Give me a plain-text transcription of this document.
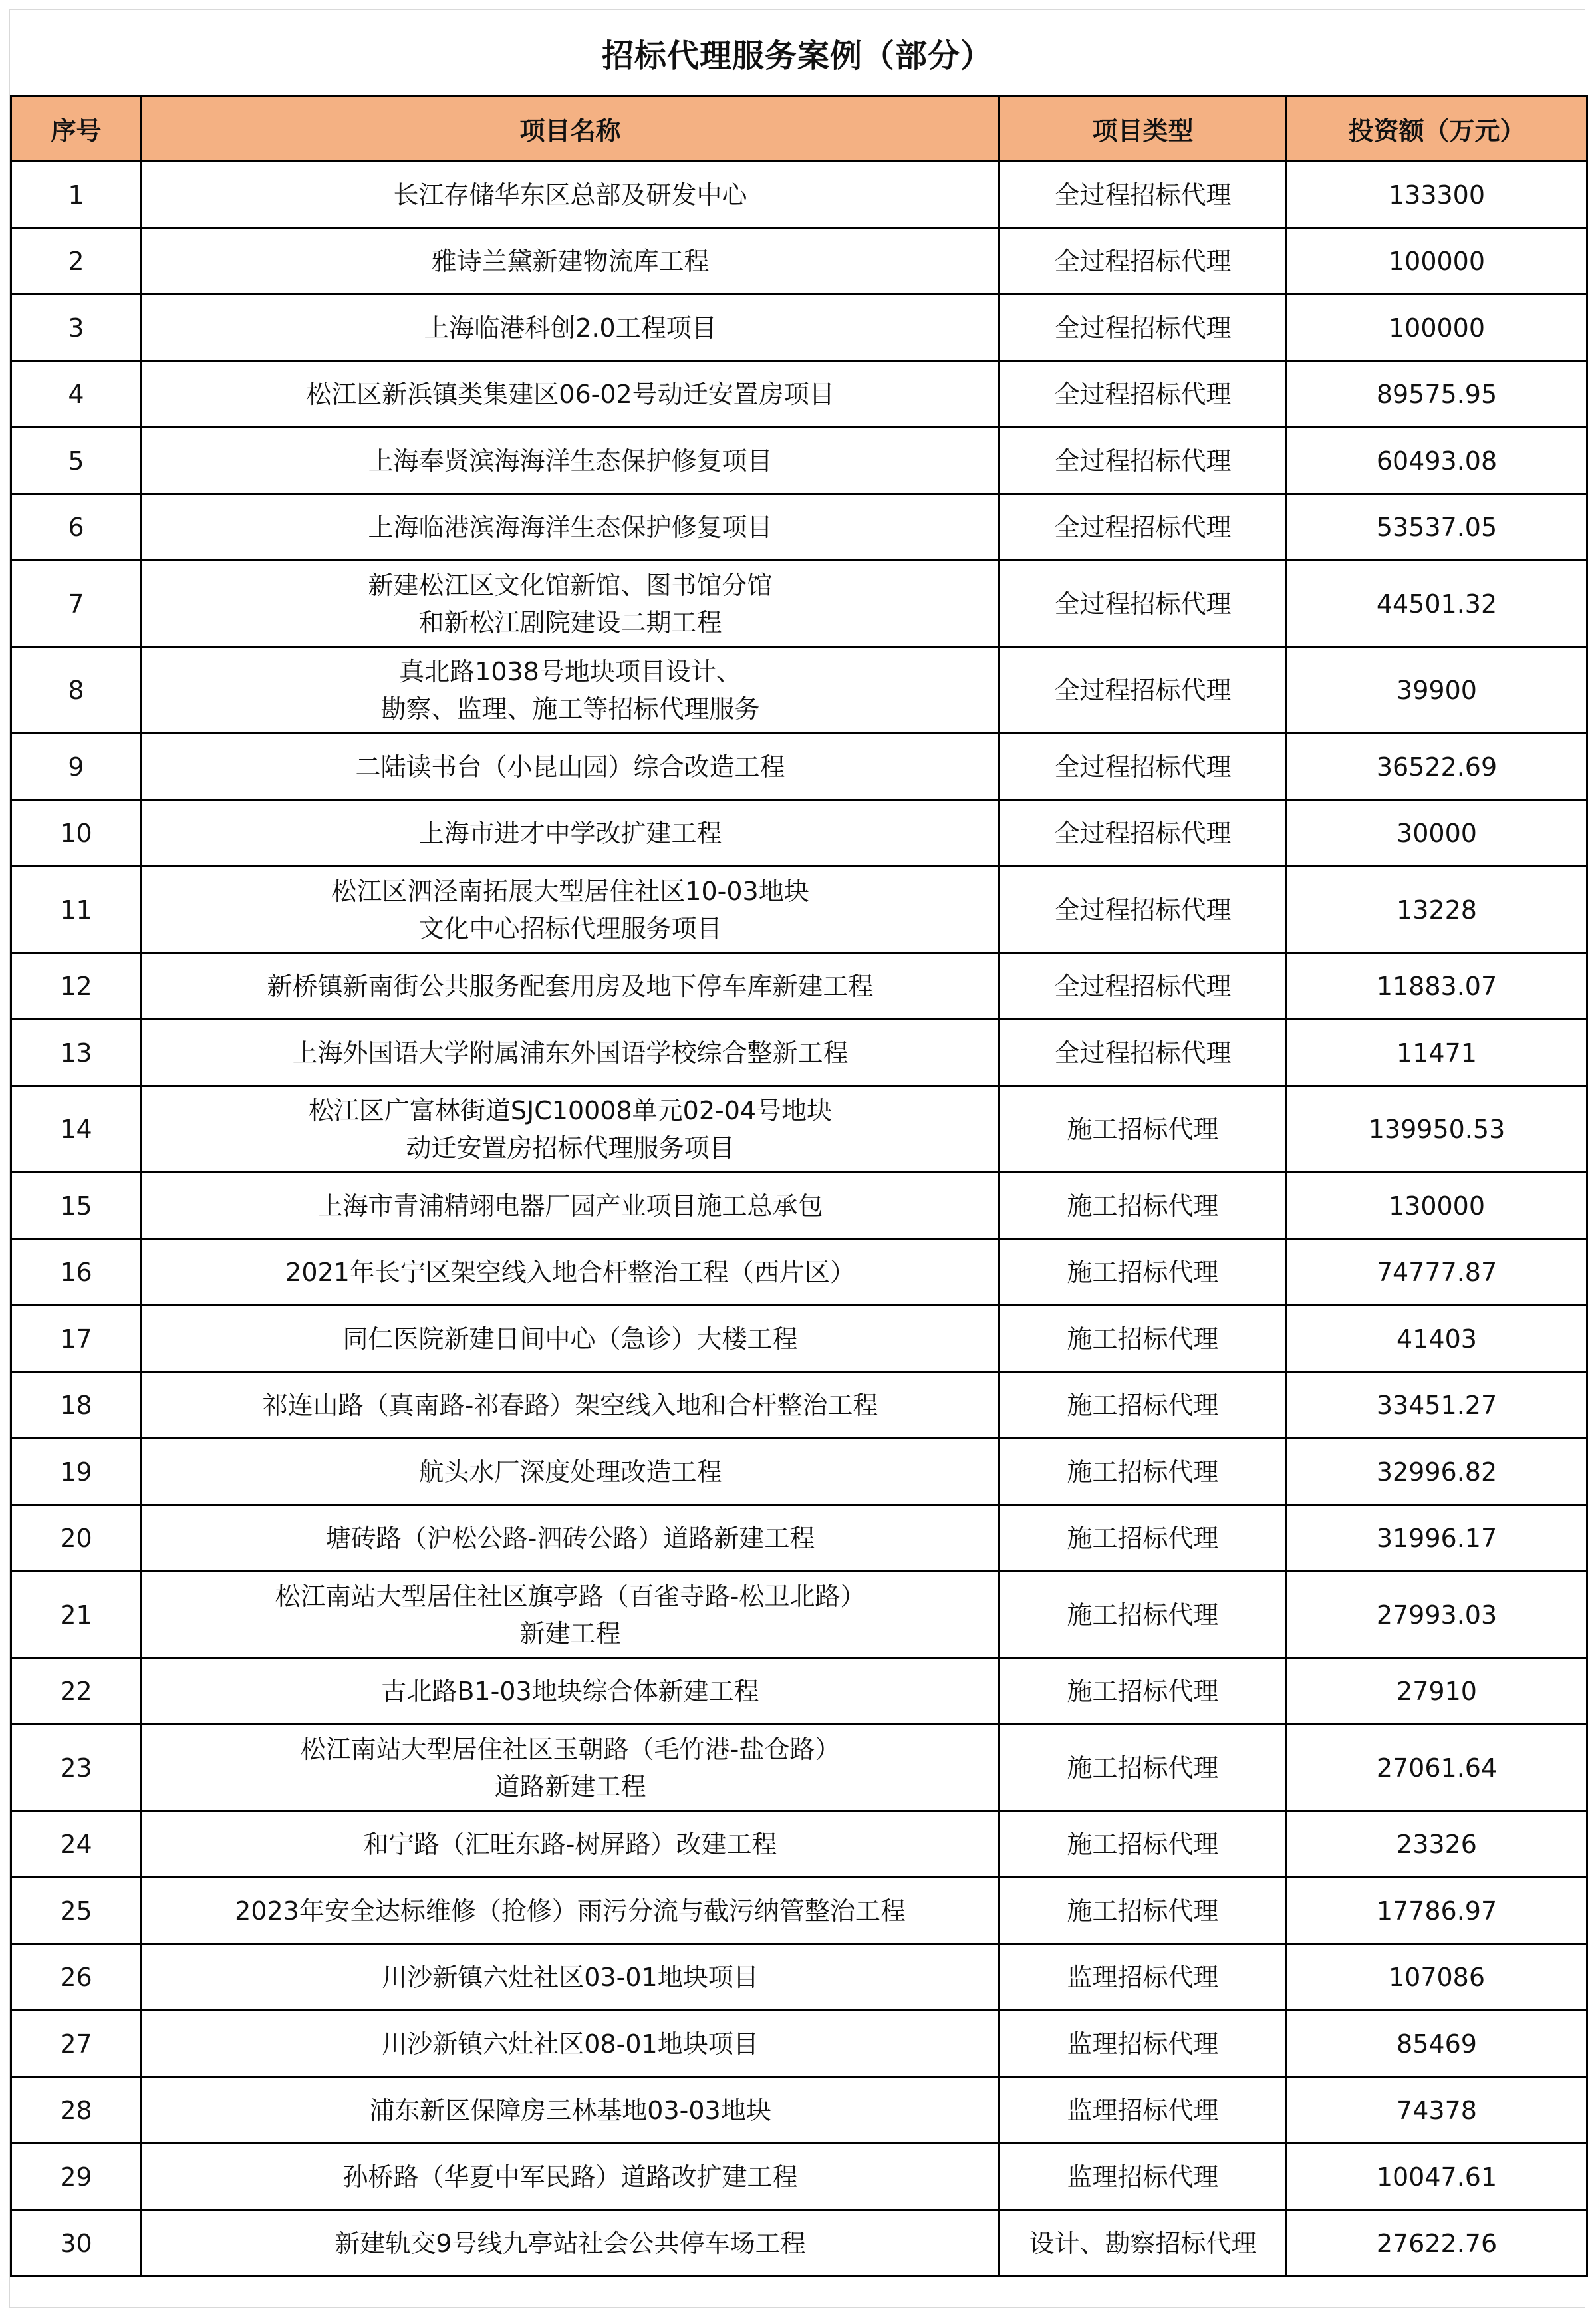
招标代理服务案例（部分）
序号	项目名称	项目类型	投资额（万元）
1	长江存储华东区总部及研发中心	全过程招标代理	133300
2	雅诗兰黛新建物流库工程	全过程招标代理	100000
3	上海临港科创2.0工程项目	全过程招标代理	100000
4	松江区新浜镇类集建区06-02号动迁安置房项目	全过程招标代理	89575.95
5	上海奉贤滨海海洋生态保护修复项目	全过程招标代理	60493.08
6	上海临港滨海海洋生态保护修复项目	全过程招标代理	53537.05
7	新建松江区文化馆新馆、图书馆分馆
和新松江剧院建设二期工程	全过程招标代理	44501.32
8	真北路1038号地块项目设计、
勘察、监理、施工等招标代理服务	全过程招标代理	39900
9	二陆读书台（小昆山园）综合改造工程	全过程招标代理	36522.69
10	上海市进才中学改扩建工程	全过程招标代理	30000
11	松江区泗泾南拓展大型居住社区10-03地块
文化中心招标代理服务项目	全过程招标代理	13228
12	新桥镇新南街公共服务配套用房及地下停车库新建工程	全过程招标代理	11883.07
13	上海外国语大学附属浦东外国语学校综合整新工程	全过程招标代理	11471
14	松江区广富林街道SJC10008单元02-04号地块
动迁安置房招标代理服务项目	施工招标代理	139950.53
15	上海市青浦精翊电器厂园产业项目施工总承包	施工招标代理	130000
16	2021年长宁区架空线入地合杆整治工程（西片区）	施工招标代理	74777.87
17	同仁医院新建日间中心（急诊）大楼工程	施工招标代理	41403
18	祁连山路（真南路-祁春路）架空线入地和合杆整治工程	施工招标代理	33451.27
19	航头水厂深度处理改造工程	施工招标代理	32996.82
20	塘砖路（沪松公路-泗砖公路）道路新建工程	施工招标代理	31996.17
21	松江南站大型居住社区旗亭路（百雀寺路-松卫北路）
新建工程	施工招标代理	27993.03
22	古北路B1-03地块综合体新建工程	施工招标代理	27910
23	松江南站大型居住社区玉朝路（毛竹港-盐仓路）
道路新建工程	施工招标代理	27061.64
24	和宁路（汇旺东路-树屏路）改建工程	施工招标代理	23326
25	2023年安全达标维修（抢修）雨污分流与截污纳管整治工程	施工招标代理	17786.97
26	川沙新镇六灶社区03-01地块项目	监理招标代理	107086
27	川沙新镇六灶社区08-01地块项目	监理招标代理	85469
28	浦东新区保障房三林基地03-03地块	监理招标代理	74378
29	孙桥路（华夏中军民路）道路改扩建工程	监理招标代理	10047.61
30	新建轨交9号线九亭站社会公共停车场工程	设计、勘察招标代理	27622.76
